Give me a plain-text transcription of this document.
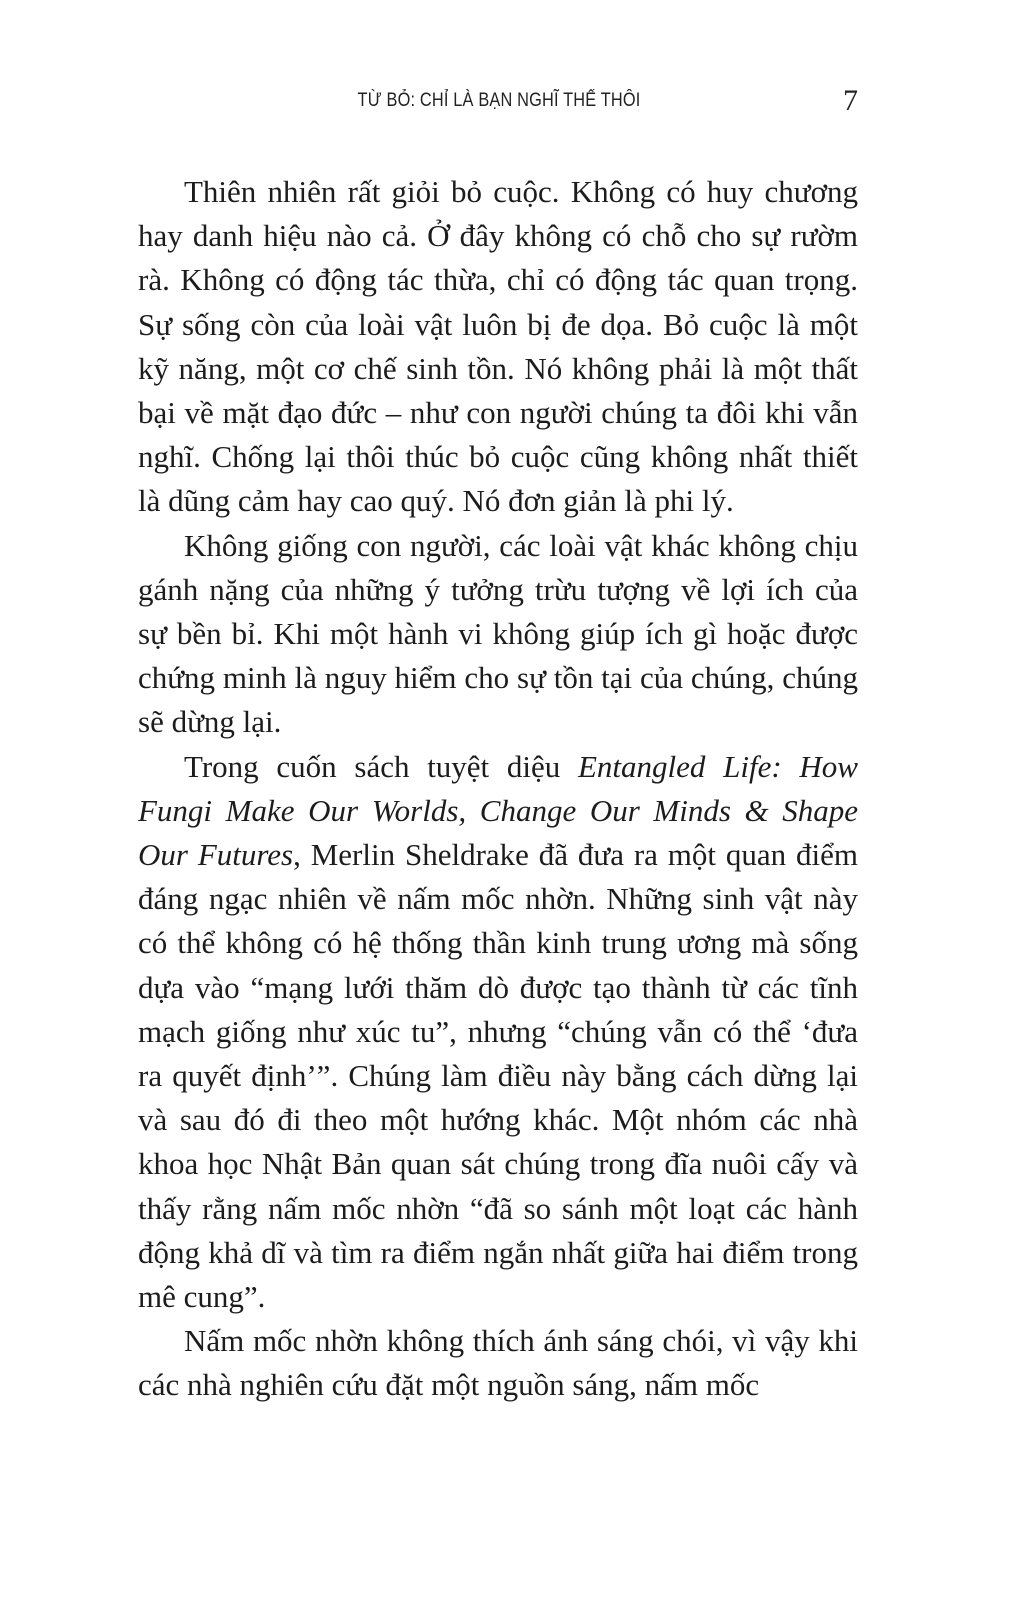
TỪ BỎ: CHỈ LÀ BẠN NGHĨ THẾ THÔI	7

Thiên nhiên rất giỏi bỏ cuộc. Không có huy chương hay danh hiệu nào cả. Ở đây không có chỗ cho sự rườm rà. Không có động tác thừa, chỉ có động tác quan trọng. Sự sống còn của loài vật luôn bị đe dọa. Bỏ cuộc là một kỹ năng, một cơ chế sinh tồn. Nó không phải là một thất bại về mặt đạo đức – như con người chúng ta đôi khi vẫn nghĩ. Chống lại thôi thúc bỏ cuộc cũng không nhất thiết là dũng cảm hay cao quý. Nó đơn giản là phi lý.

Không giống con người, các loài vật khác không chịu gánh nặng của những ý tưởng trừu tượng về lợi ích của sự bền bỉ. Khi một hành vi không giúp ích gì hoặc được chứng minh là nguy hiểm cho sự tồn tại của chúng, chúng sẽ dừng lại.

Trong cuốn sách tuyệt diệu Entangled Life: How Fungi Make Our Worlds, Change Our Minds & Shape Our Futures, Merlin Sheldrake đã đưa ra một quan điểm đáng ngạc nhiên về nấm mốc nhờn. Những sinh vật này có thể không có hệ thống thần kinh trung ương mà sống dựa vào “mạng lưới thăm dò được tạo thành từ các tĩnh mạch giống như xúc tu”, nhưng “chúng vẫn có thể ‘đưa ra quyết định’”. Chúng làm điều này bằng cách dừng lại và sau đó đi theo một hướng khác. Một nhóm các nhà khoa học Nhật Bản quan sát chúng trong đĩa nuôi cấy và thấy rằng nấm mốc nhờn “đã so sánh một loạt các hành động khả dĩ và tìm ra điểm ngắn nhất giữa hai điểm trong mê cung”.

Nấm mốc nhờn không thích ánh sáng chói, vì vậy khi các nhà nghiên cứu đặt một nguồn sáng, nấm mốc
